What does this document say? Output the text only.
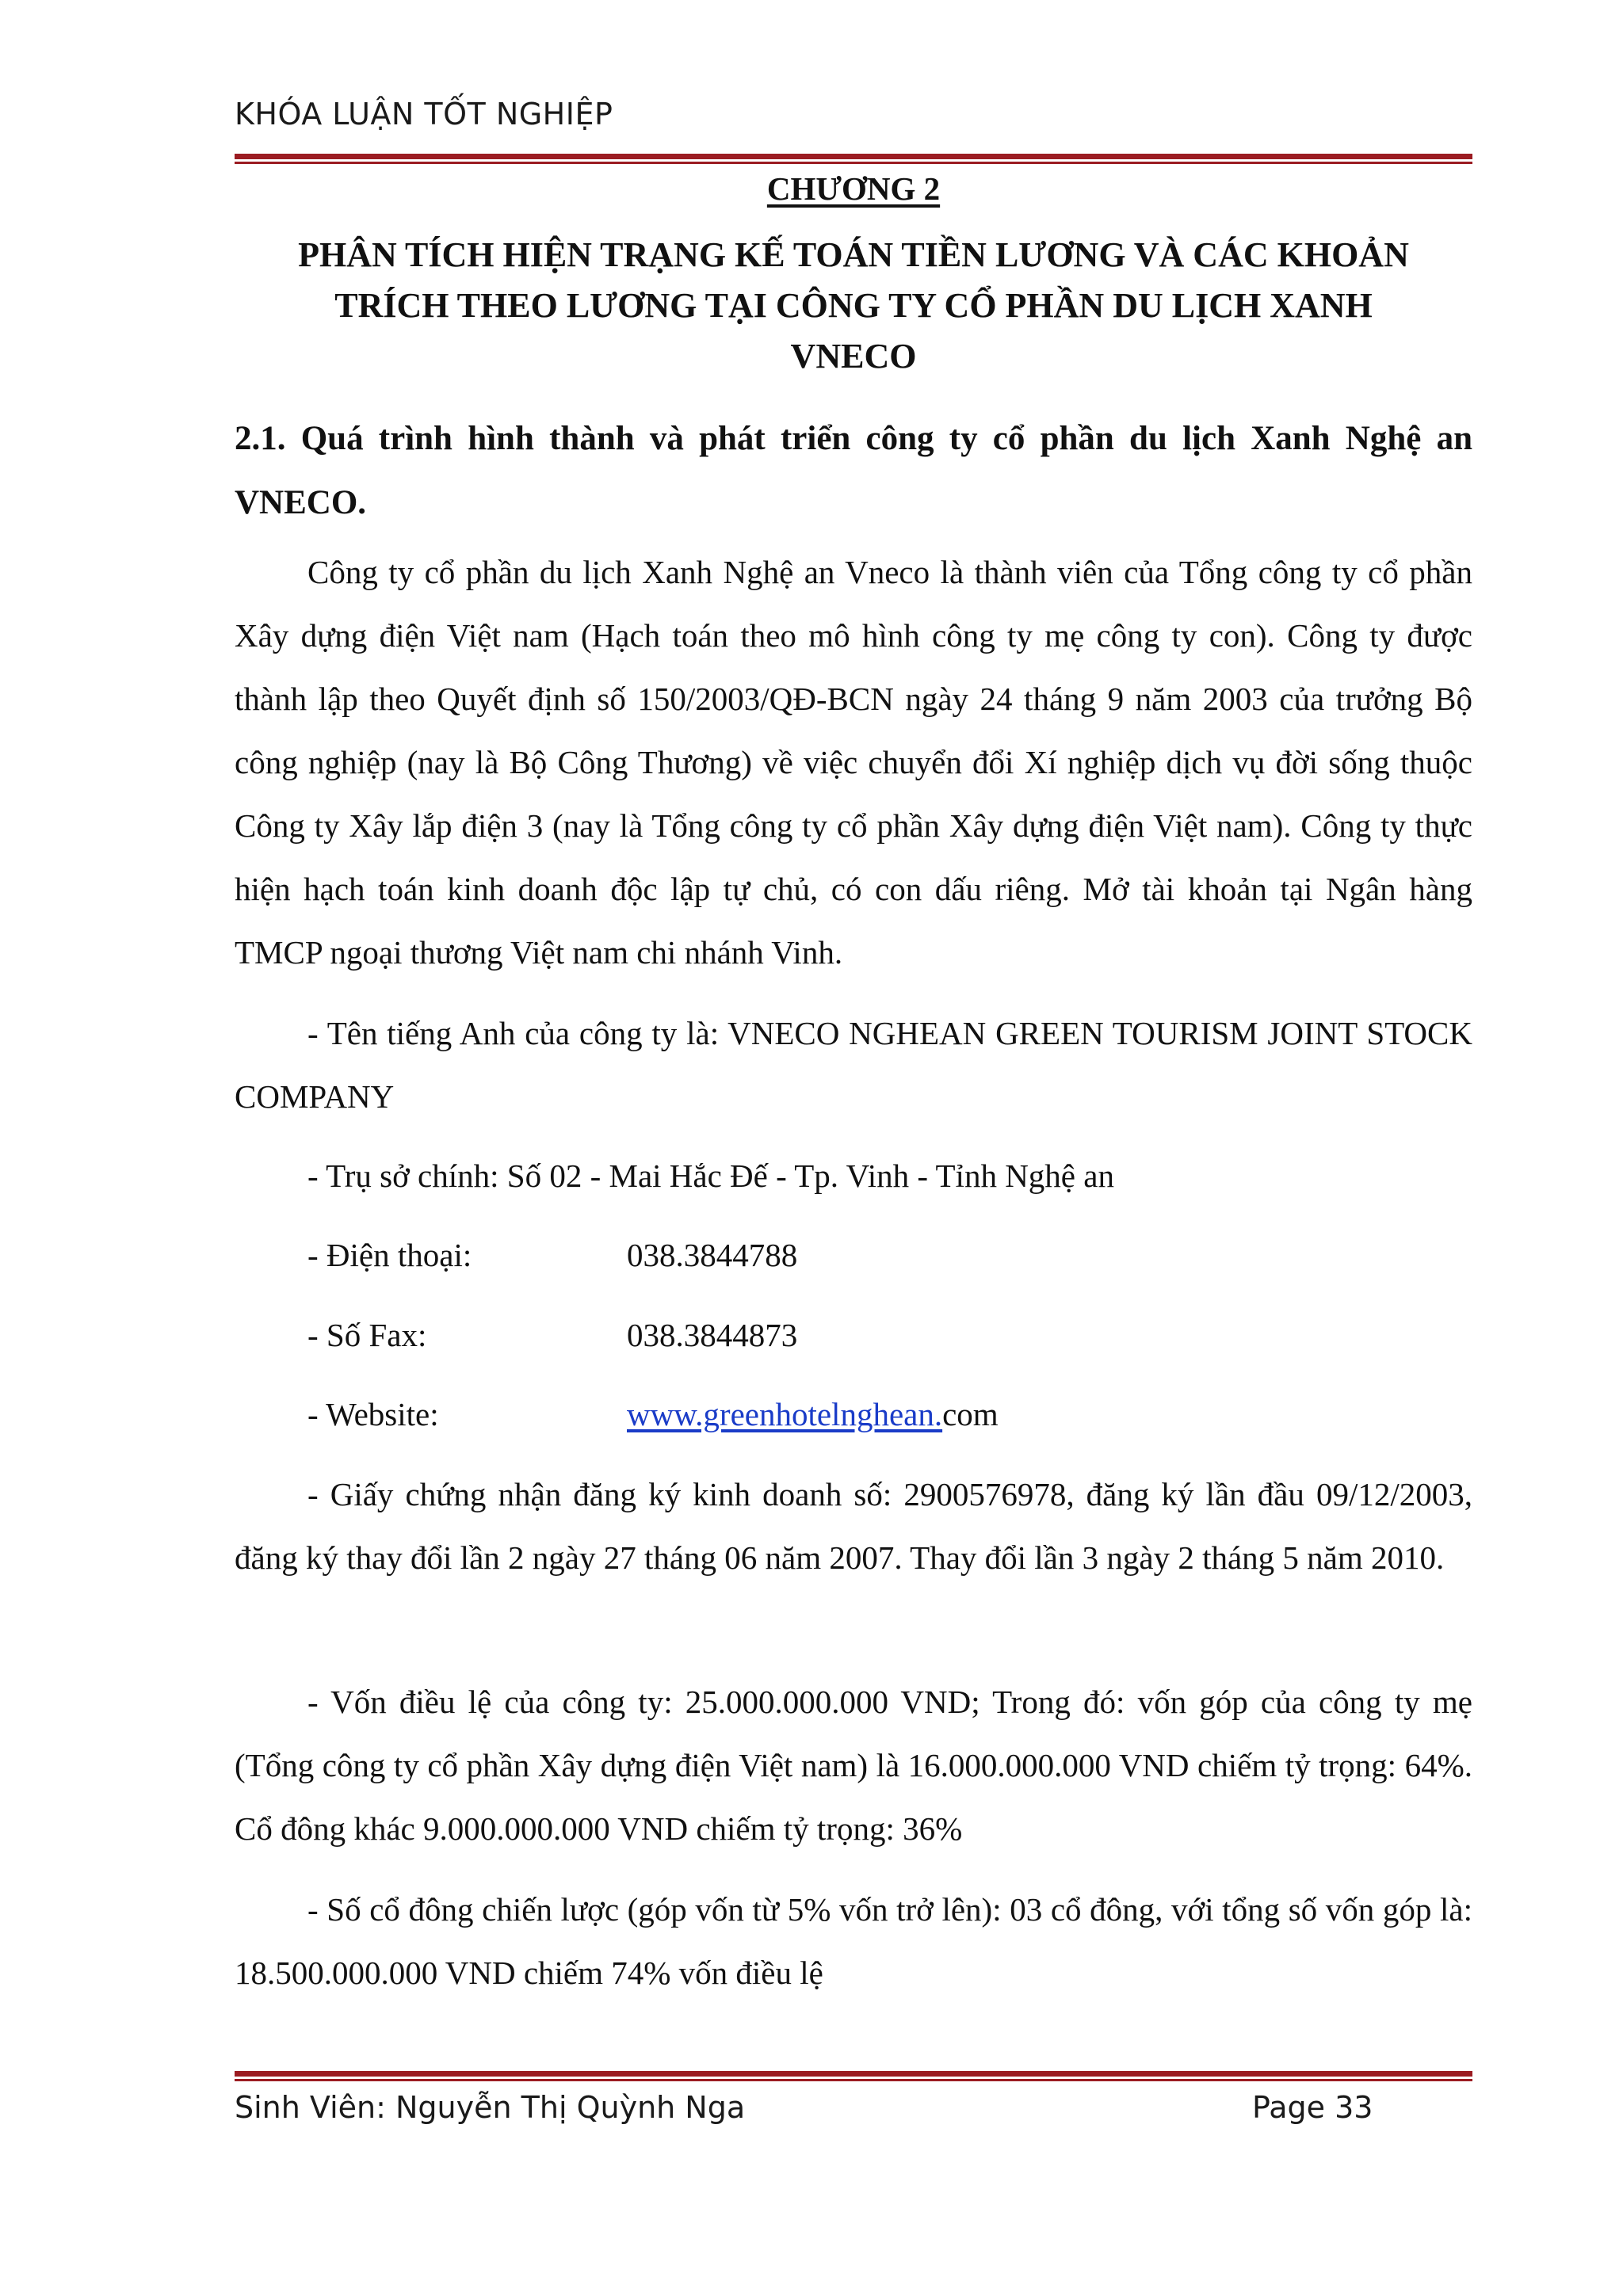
KHÓA LUẬN TỐT NGHIỆP
CHƯƠNG 2
PHÂN TÍCH HIỆN TRẠNG KẾ TOÁN TIỀN LƯƠNG VÀ CÁC KHOẢN
TRÍCH THEO LƯƠNG TẠI CÔNG TY CỔ PHẦN DU LỊCH XANH
VNECO
2.1. Quá trình hình thành và phát triển công ty cổ phần du lịch Xanh Nghệ an VNECO.
Công ty cổ phần du lịch Xanh Nghệ an Vneco là thành viên của Tổng công ty cổ phần Xây dựng điện Việt nam (Hạch toán theo mô hình công ty mẹ công ty con). Công ty được thành lập theo Quyết định số 150/2003/QĐ-BCN ngày 24 tháng 9 năm 2003 của trưởng Bộ công nghiệp (nay là Bộ Công Thương) về việc chuyển đổi Xí nghiệp dịch vụ đời sống thuộc Công ty Xây lắp điện 3 (nay là Tổng công ty cổ phần Xây dựng điện Việt nam). Công ty thực hiện hạch toán kinh doanh độc lập tự chủ, có con dấu riêng. Mở tài khoản tại Ngân hàng TMCP ngoại thương Việt nam chi nhánh Vinh.
- Tên tiếng Anh của công ty là: VNECO NGHEAN GREEN TOURISM JOINT STOCK COMPANY
- Trụ sở chính: Số 02 - Mai Hắc Đế - Tp. Vinh - Tỉnh Nghệ an
- Điện thoại:	038.3844788
- Số Fax:	038.3844873
- Website:	www.greenhotelnghean.com
- Giấy chứng nhận đăng ký kinh doanh số: 2900576978, đăng ký lần đầu 09/12/2003, đăng ký thay đổi lần 2 ngày 27 tháng 06 năm 2007. Thay đổi lần 3 ngày 2 tháng 5 năm 2010.
- Vốn điều lệ của công ty: 25.000.000.000 VND; Trong đó: vốn góp của công ty mẹ (Tổng công ty cổ phần Xây dựng điện Việt nam) là 16.000.000.000 VND chiếm tỷ trọng: 64%. Cổ đông khác 9.000.000.000 VND chiếm tỷ trọng: 36%
- Số cổ đông chiến lược (góp vốn từ 5% vốn trở lên): 03 cổ đông, với tổng số vốn góp là: 18.500.000.000 VND chiếm 74% vốn điều lệ
Sinh Viên: Nguyễn Thị Quỳnh Nga	Page 33
